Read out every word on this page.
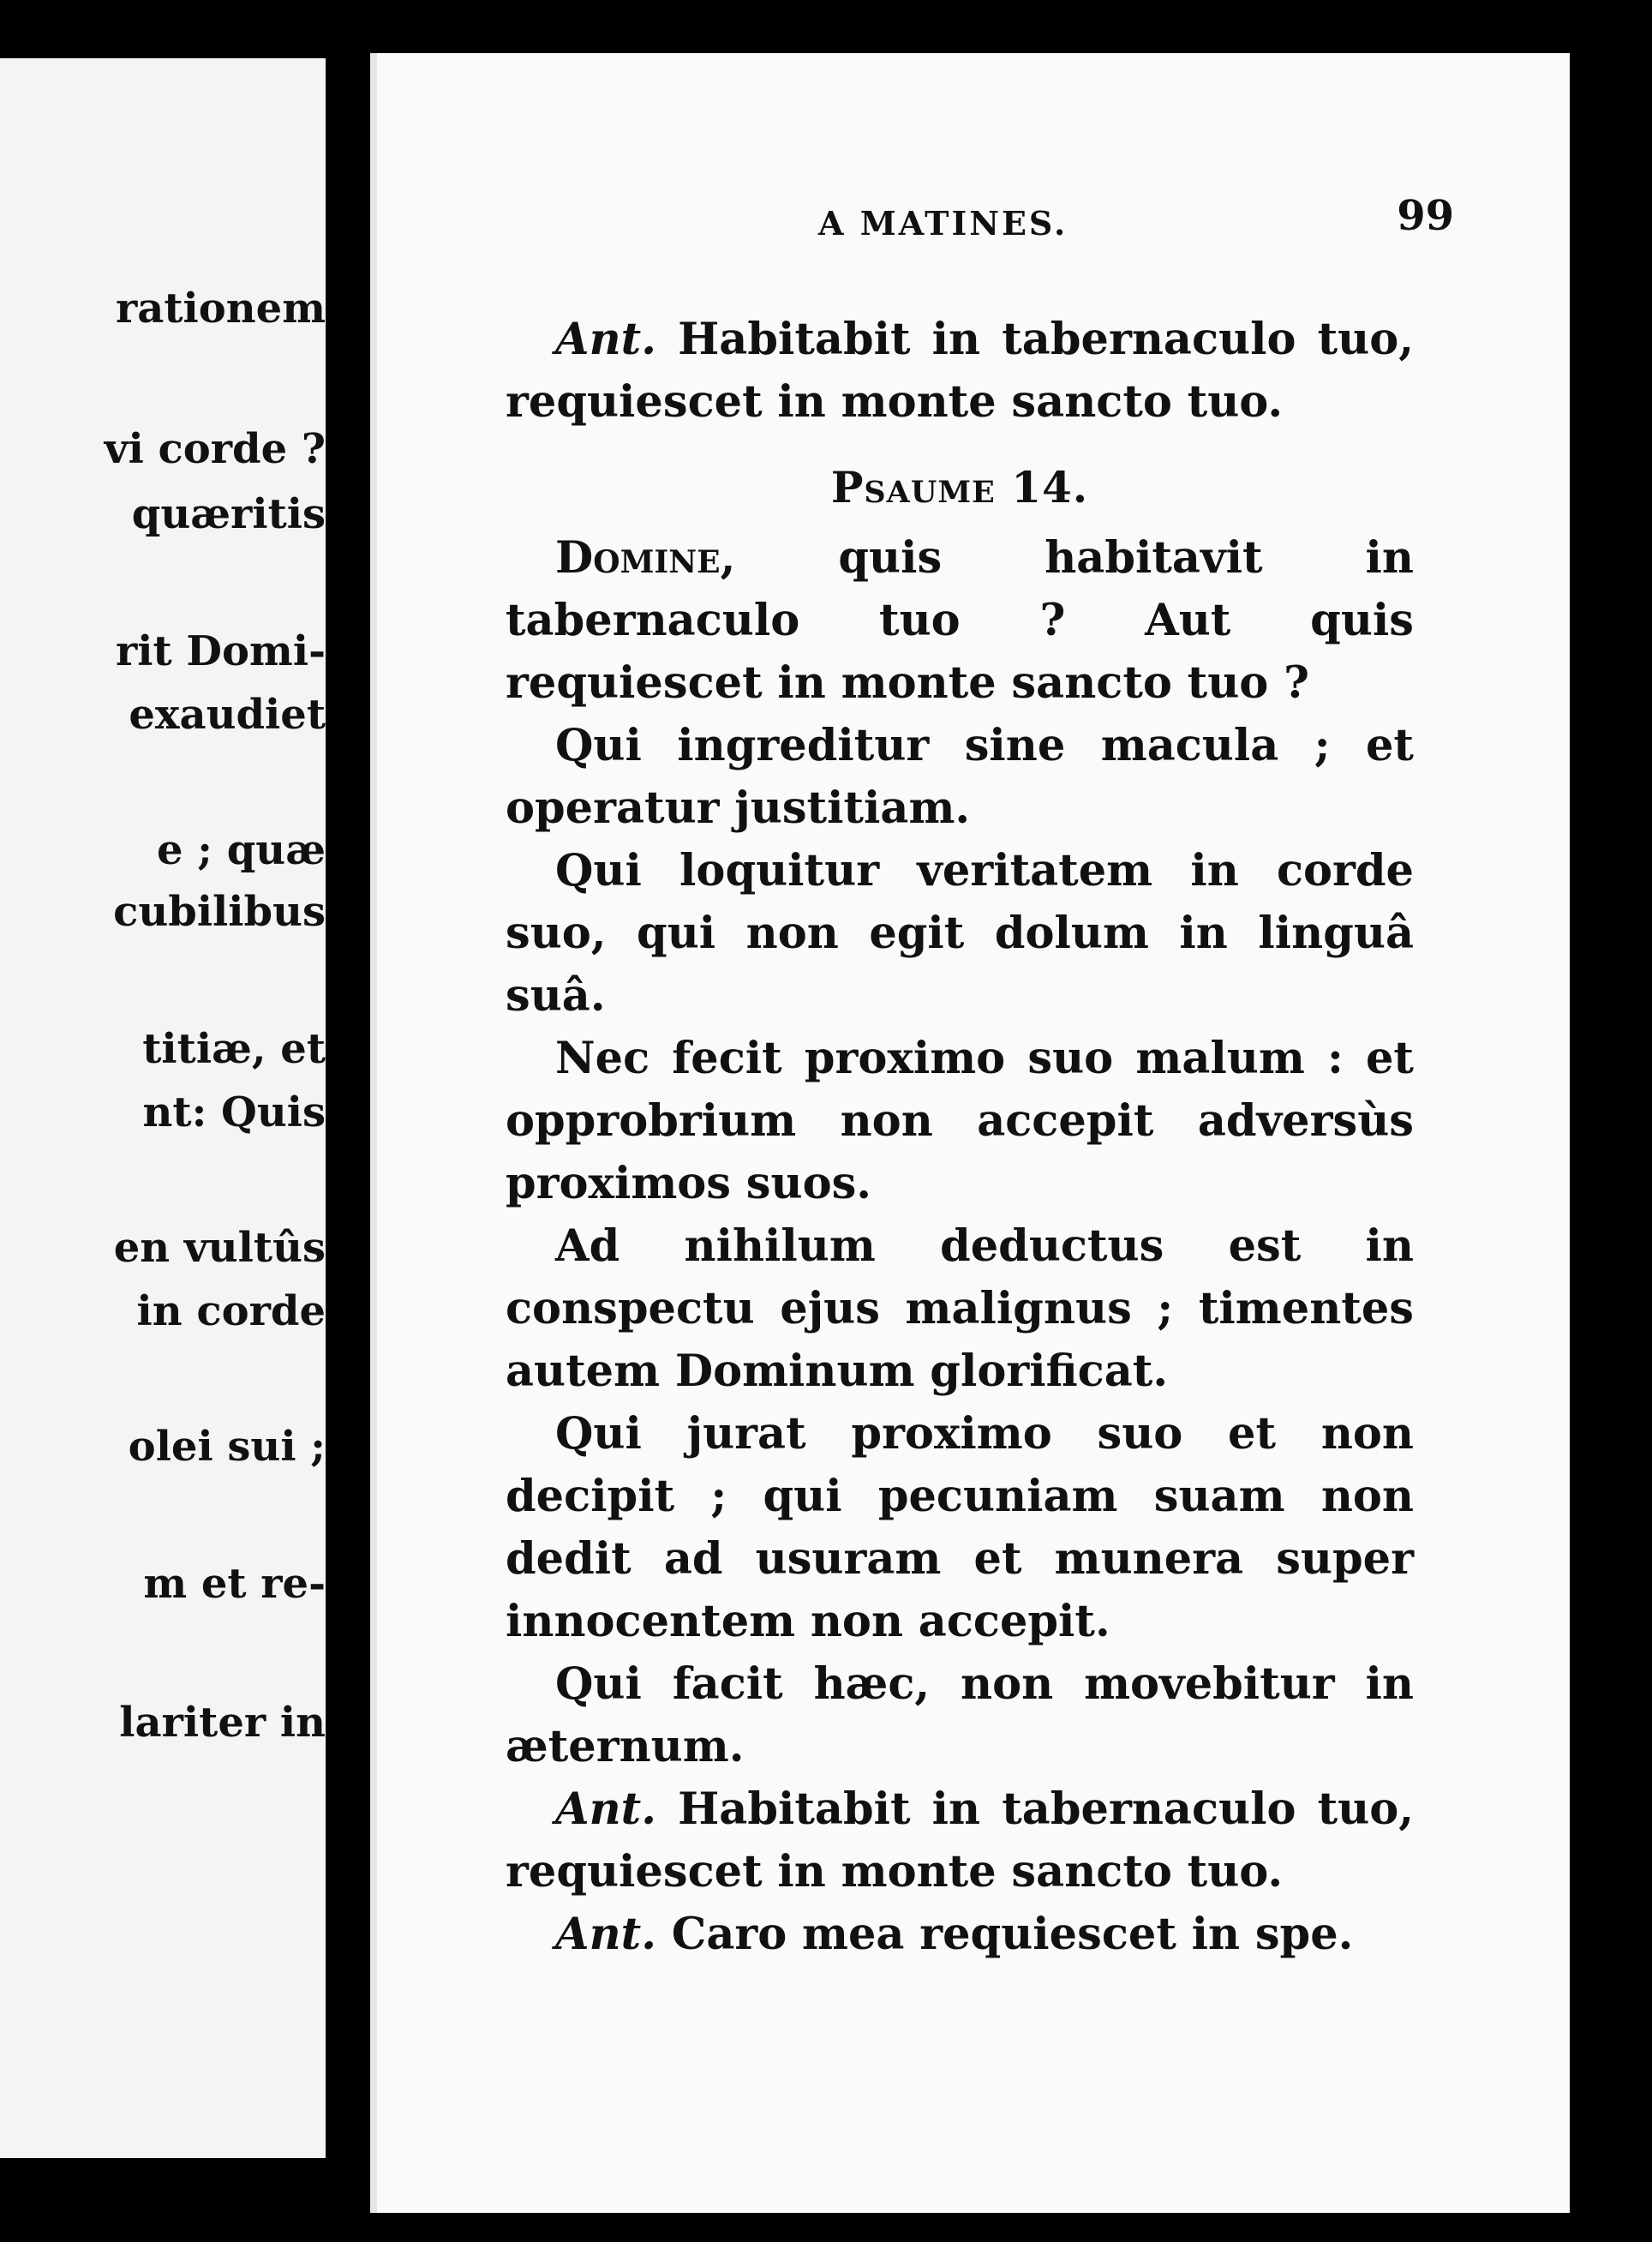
rationem
vi corde ?
quæritis
rit Domi-
exaudiet
e ; quæ
cubilibus
titiæ, et
nt: Quis
en vultûs
in corde
olei sui ;
m et re-
lariter in
A MATINES.	99

Ant. Habitabit in tabernaculo tuo, requiescet in monte sancto tuo.

Psaume 14.

Domine, quis habitavit in tabernaculo tuo ? Aut quis requiescet in monte sancto tuo ?

Qui ingreditur sine macula ; et operatur justitiam.

Qui loquitur veritatem in corde suo, qui non egit dolum in linguâ suâ.

Nec fecit proximo suo malum : et opprobrium non accepit adversùs proximos suos.

Ad nihilum deductus est in conspectu ejus malignus ; timentes autem Dominum glorificat.

Qui jurat proximo suo et non decipit ; qui pecuniam suam non dedit ad usuram et munera super innocentem non accepit.

Qui facit hæc, non movebitur in æternum.

Ant. Habitabit in tabernaculo tuo, requiescet in monte sancto tuo.

Ant. Caro mea requiescet in spe.
